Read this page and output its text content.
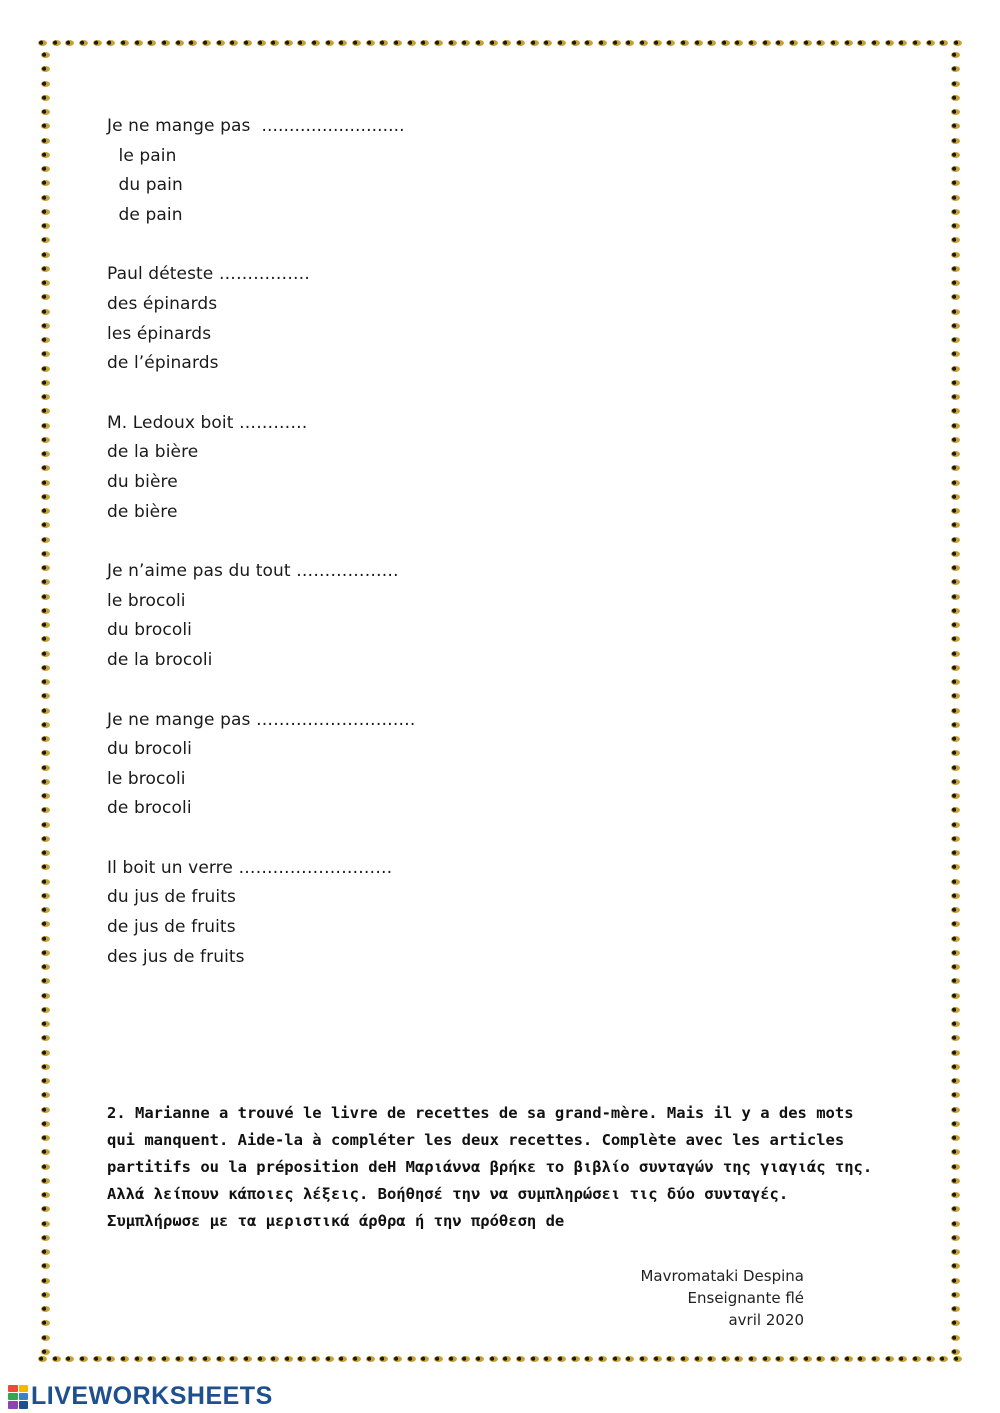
Je ne mange pas  ..........................
le pain
du pain
de pain
Paul déteste …………….
des épinards
les épinards
de l’épinards
M. Ledoux boit …………
de la bière
du bière
de bière
Je n’aime pas du tout ………………
le brocoli
du brocoli
de la brocoli
Je ne mange pas ……………………….
du brocoli
le brocoli
de brocoli
Il boit un verre ………………………
du jus de fruits
de jus de fruits
des jus de fruits

2. Marianne a trouvé le livre de recettes de sa grand-mère. Mais il y a des mots

qui manquent. Aide-la à compléter les deux recettes. Complète avec les articles

partitifs ou la préposition deΗ Μαριάννα βρήκε το βιβλίο συνταγών της γιαγιάς της.

Αλλά λείπουν κάποιες λέξεις. Βοήθησέ την να συμπληρώσει τις δύο συνταγές.

Συμπλήρωσε με τα μεριστικά άρθρα ή την πρόθεση de

Mavromataki Despina
Enseignante flé
avril 2020
LIVEWORKSHEETS
